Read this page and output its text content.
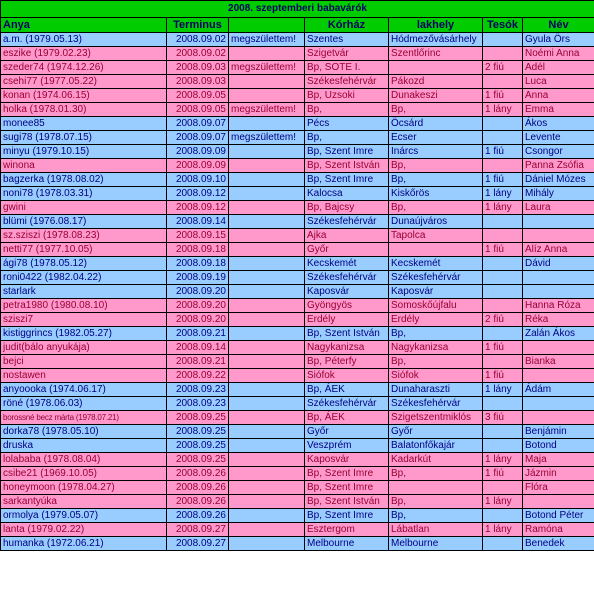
2008. szeptemberi babavárók						
Anya	Terminus		Kórház	lakhely	Tesók	Név
a.m. (1979.05.13)	2008.09.02	megszülettem!	Szentes	Hódmezővásárhely		Gyula Örs
eszike (1979.02.23)	2008.09.02		Szigetvár	Szentlőrinc		Noémi Anna
szeder74 (1974.12.26)	2008.09.03	megszülettem!	Bp, SOTE I.		2 fiú	Adél
csehi77 (1977.05.22)	2008.09.03		Székesfehérvár	Pákozd		Luca
konan (1974.06.15)	2008.09.05		Bp, Uzsoki	Dunakeszi	1 fiú	Anna
holka (1978.01.30)	2008.09.05	megszülettem!	Bp,	Bp,	1 lány	Emma
monee85	2008.09.07		Pécs	Öcsárd		Ákos
sugi78 (1978.07.15)	2008.09.07	megszülettem!	Bp,	Ecser		Levente
minyu (1979.10.15)	2008.09.09		Bp, Szent Imre	Inárcs	1 fiú	Csongor
winona	2008.09.09		Bp, Szent István	Bp,		Panna Zsófia
bagzerka (1978.08.02)	2008.09.10		Bp, Szent Imre	Bp,	1 fiú	Dániel Mózes
noni78 (1978.03.31)	2008.09.12		Kalocsa	Kiskőrös	1 lány	Mihály
gwini	2008.09.12		Bp, Bajcsy	Bp,	1 lány	Laura
blümi (1976.08.17)	2008.09.14		Székesfehérvár	Dunaújváros		
sz.sziszi (1978.08.23)	2008.09.15		Ajka	Tapolca		
netti77 (1977.10.05)	2008.09.18		Győr		1 fiú	Alíz Anna
ági78 (1978.05.12)	2008.09.18		Kecskemét	Kecskemét		Dávid
roni0422 (1982.04.22)	2008.09.19		Székesfehérvár	Székesfehérvár		
starlark	2008.09.20		Kaposvár	Kaposvár		
petra1980 (1980.08.10)	2008.09.20		Gyöngyös	Somoskőújfalu		Hanna Róza
sziszi7	2008.09.20		Erdély	Erdély	2 fiú	Réka
kistiggrincs (1982.05.27)	2008.09.21		Bp, Szent István	Bp,		Zalán Ákos
judit(bálo anyukája)	2008.09.14		Nagykanizsa	Nagykanizsa	1 fiú	
bejci	2008.09.21		Bp, Péterfy	Bp,		Bianka
nostawen	2008.09.22		Siófok	Siófok	1 fiú	
anyoooka (1974.06.17)	2008.09.23		Bp, ÁEK	Dunaharaszti	1 lány	Ádám
röné (1978.06.03)	2008.09.23		Székesfehérvár	Székesfehérvár		
borossné becz márta (1978.07.21)	2008.09.25		Bp, ÁEK	Szigetszentmiklós	3 fiú	
dorka78 (1978.05.10)	2008.09.25		Győr	Győr		Benjámin
druska	2008.09.25		Veszprém	Balatonfőkajár		Botond
lolababa (1978.08.04)	2008.09.25		Kaposvár	Kadarkút	1 lány	Maja
csibe21 (1969.10.05)	2008.09.26		Bp, Szent Imre	Bp,	1 fiú	Jázmin
honeymoon (1978.04.27)	2008.09.26		Bp, Szent Imre			Flóra
sarkantyúka	2008.09.26		Bp, Szent István	Bp,	1 lány	
ormolya (1979.05.07)	2008.09.26		Bp, Szent Imre	Bp,		Botond Péter
lanta (1979.02.22)	2008.09.27		Esztergom	Lábatlan	1 lány	Ramóna
humanka (1972.06.21)	2008.09.27		Melbourne	Melbourne		Benedek
